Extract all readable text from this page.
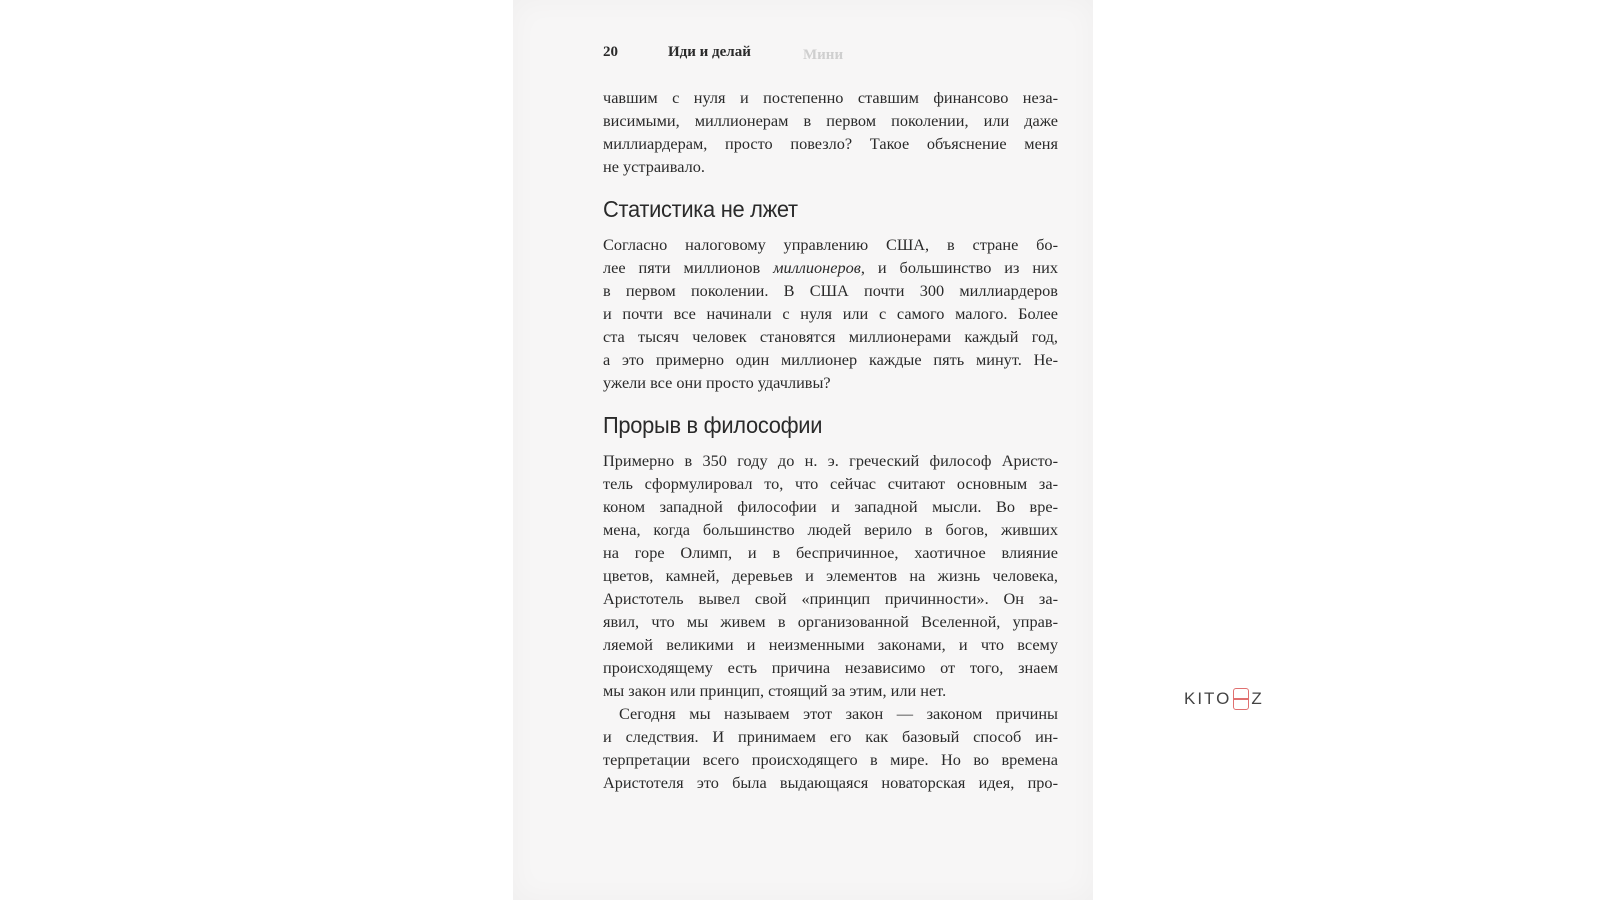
20	Иди и делай	Мини

чавшим с нуля и постепенно ставшим финансово неза-

висимыми, миллионерам в первом поколении, или даже

миллиардерам, просто повезло? Такое объяснение меня

не устраивало.

Статистика не лжет

Согласно налоговому управлению США, в стране бо-

лее пяти миллионов миллионеров, и большинство из них

в первом поколении. В США почти 300 миллиардеров

и почти все начинали с нуля или с самого малого. Более

ста тысяч человек становятся миллионерами каждый год,

а это примерно один миллионер каждые пять минут. Не-

ужели все они просто удачливы?

Прорыв в философии

Примерно в 350 году до н. э. греческий философ Аристо-

тель сформулировал то, что сейчас считают основным за-

коном западной философии и западной мысли. Во вре-

мена, когда большинство людей верило в богов, живших

на горе Олимп, и в беспричинное, хаотичное влияние

цветов, камней, деревьев и элементов на жизнь человека,

Аристотель вывел свой «принцип причинности». Он за-

явил, что мы живем в организованной Вселенной, управ-

ляемой великими и неизменными законами, и что всему

происходящему есть причина независимо от того, знаем

мы закон или принцип, стоящий за этим, или нет.

Сегодня мы называем этот закон — законом причины

и следствия. И принимаем его как базовый способ ин-

терпретации всего происходящего в мире. Но во времена

Аристотеля это была выдающаяся новаторская идея, про-

KITO Z
